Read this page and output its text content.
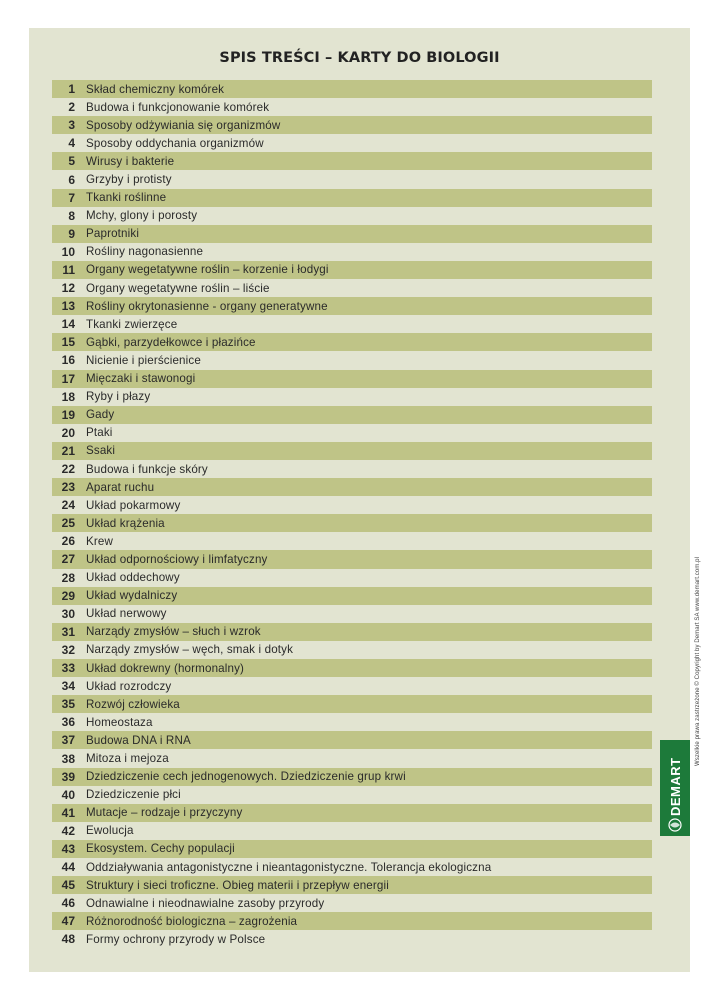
SPIS TREŚCI – KARTY DO BIOLOGII
1 Skład chemiczny komórek
2 Budowa i funkcjonowanie komórek
3 Sposoby odżywiania się organizmów
4 Sposoby oddychania organizmów
5 Wirusy i bakterie
6 Grzyby i protisty
7 Tkanki roślinne
8 Mchy, glony i porosty
9 Paprotniki
10 Rośliny nagonasienne
11 Organy wegetatywne roślin – korzenie i łodygi
12 Organy wegetatywne roślin – liście
13 Rośliny okrytonasienne - organy generatywne
14 Tkanki zwierzęce
15 Gąbki, parzydełkowce i płazińce
16 Nicienie i pierścienice
17 Mięczaki i stawonogi
18 Ryby i płazy
19 Gady
20 Ptaki
21 Ssaki
22 Budowa i funkcje skóry
23 Aparat ruchu
24 Układ pokarmowy
25 Układ krążenia
26 Krew
27 Układ odpornościowy i limfatyczny
28 Układ oddechowy
29 Układ wydalniczy
30 Układ nerwowy
31 Narządy zmysłów – słuch i wzrok
32 Narządy zmysłów – węch, smak i dotyk
33 Układ dokrewny (hormonalny)
34 Układ rozrodczy
35 Rozwój człowieka
36 Homeostaza
37 Budowa DNA i RNA
38 Mitoza i mejoza
39 Dziedziczenie cech jednogenowych. Dziedziczenie grup krwi
40 Dziedziczenie płci
41 Mutacje – rodzaje i przyczyny
42 Ewolucja
43 Ekosystem. Cechy populacji
44 Oddziaływania antagonistyczne i nieantagonistyczne. Tolerancja ekologiczna
45 Struktury i sieci troficzne. Obieg materii i przepływ energii
46 Odnawialne i nieodnawialne zasoby przyrody
47 Różnorodność biologiczna – zagrożenia
48 Formy ochrony przyrody w Polsce
Wszelkie prawa zastrzeżone © Copyright by Demart SA www.demart.com.pl
DEMART
